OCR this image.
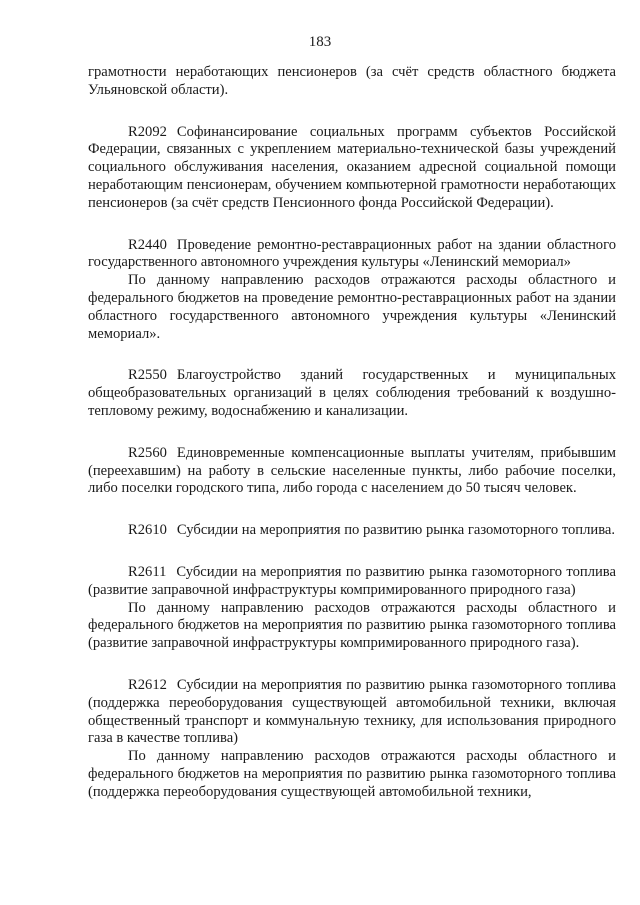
183

грамотности неработающих пенсионеров (за счёт средств областного бюджета Ульяновской области).

R2092 Софинансирование социальных программ субъектов Российской Федерации, связанных с укреплением материально-технической базы учреждений социального обслуживания населения, оказанием адресной социальной помощи неработающим пенсионерам, обучением компьютерной грамотности неработающих пенсионеров (за счёт средств Пенсионного фонда Российской Федерации).

R2440 Проведение ремонтно-реставрационных работ на здании областного государственного автономного учреждения культуры «Ленинский мемориал»

По данному направлению расходов отражаются расходы областного и федерального бюджетов на проведение ремонтно-реставрационных работ на здании областного государственного автономного учреждения культуры «Ленинский мемориал».

R2550 Благоустройство зданий государственных и муниципальных общеобразовательных организаций в целях соблюдения требований к воздушно-тепловому режиму, водоснабжению и канализации.

R2560 Единовременные компенсационные выплаты учителям, прибывшим (переехавшим) на работу в сельские населенные пункты, либо рабочие поселки, либо поселки городского типа, либо города с населением до 50 тысяч человек.

R2610 Субсидии на мероприятия по развитию рынка газомоторного топлива.

R2611 Субсидии на мероприятия по развитию рынка газомоторного топлива (развитие заправочной инфраструктуры компримированного природного газа)

По данному направлению расходов отражаются расходы областного и федерального бюджетов на мероприятия по развитию рынка газомоторного топлива (развитие заправочной инфраструктуры компримированного природного газа).

R2612 Субсидии на мероприятия по развитию рынка газомоторного топлива (поддержка переоборудования существующей автомобильной техники, включая общественный транспорт и коммунальную технику, для использования природного газа в качестве топлива)

По данному направлению расходов отражаются расходы областного и федерального бюджетов на мероприятия по развитию рынка газомоторного топлива (поддержка переоборудования существующей автомобильной техники,
